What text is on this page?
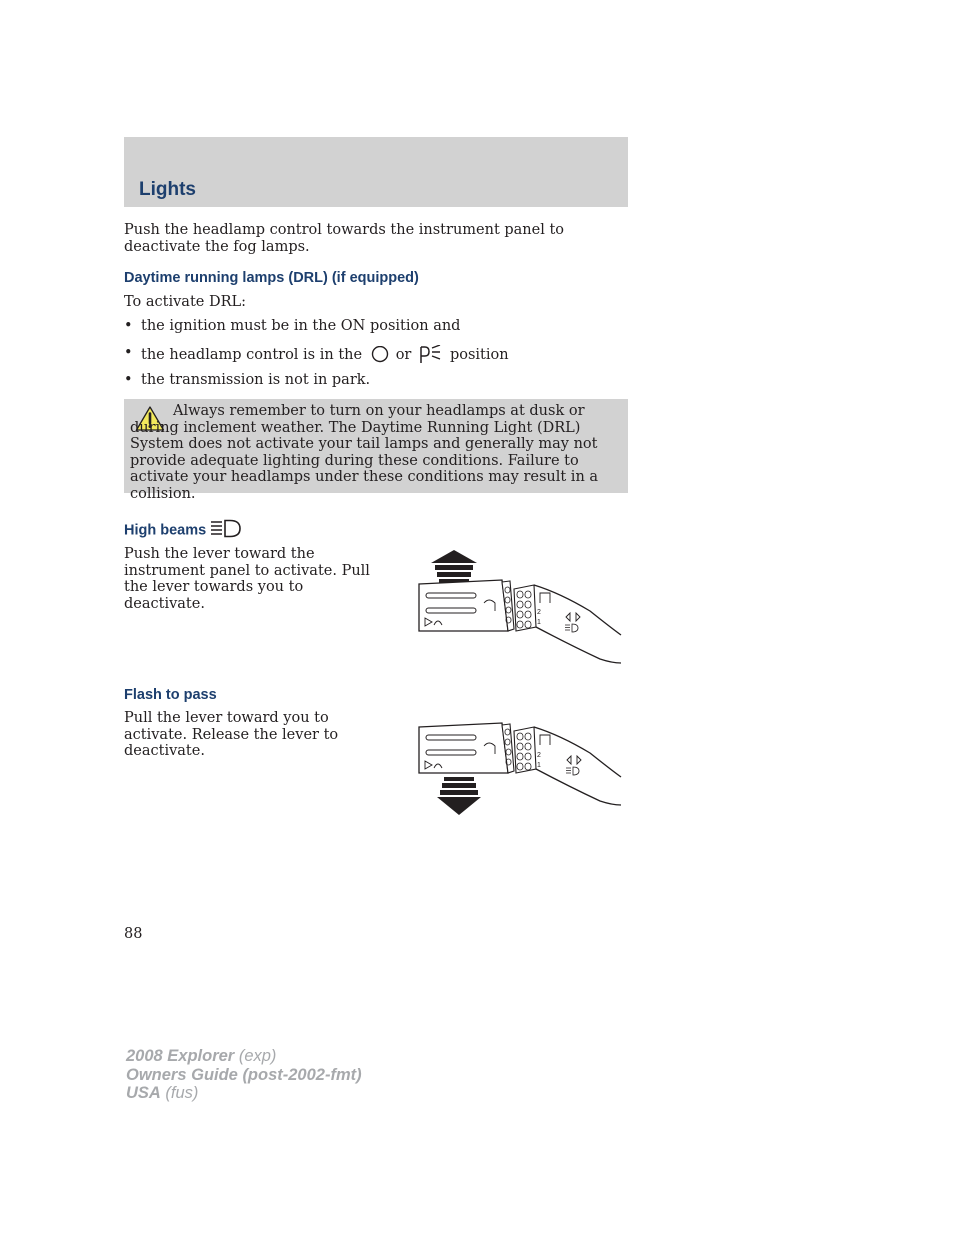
Lights

Push the headlamp control towards the instrument panel to deactivate the fog lamps.

Daytime running lamps (DRL) (if equipped)

To activate DRL:

• the ignition must be in the ON position and
• the headlamp control is in the or	position
• the transmission is not in park.

Always remember to turn on your headlamps at dusk or during inclement weather. The Daytime Running Light (DRL) System does not activate your tail lamps and generally may not provide adequate lighting during these conditions. Failure to activate your headlamps under these conditions may result in a collision.

High beams

Push the lever toward the instrument panel to activate. Pull the lever towards you to deactivate.

2
1
Flash to pass

Pull the lever toward you to activate. Release the lever to deactivate.	2
1
88
2008 Explorer (exp)
Owners Guide (post-2002-fmt)
USA (fus)
